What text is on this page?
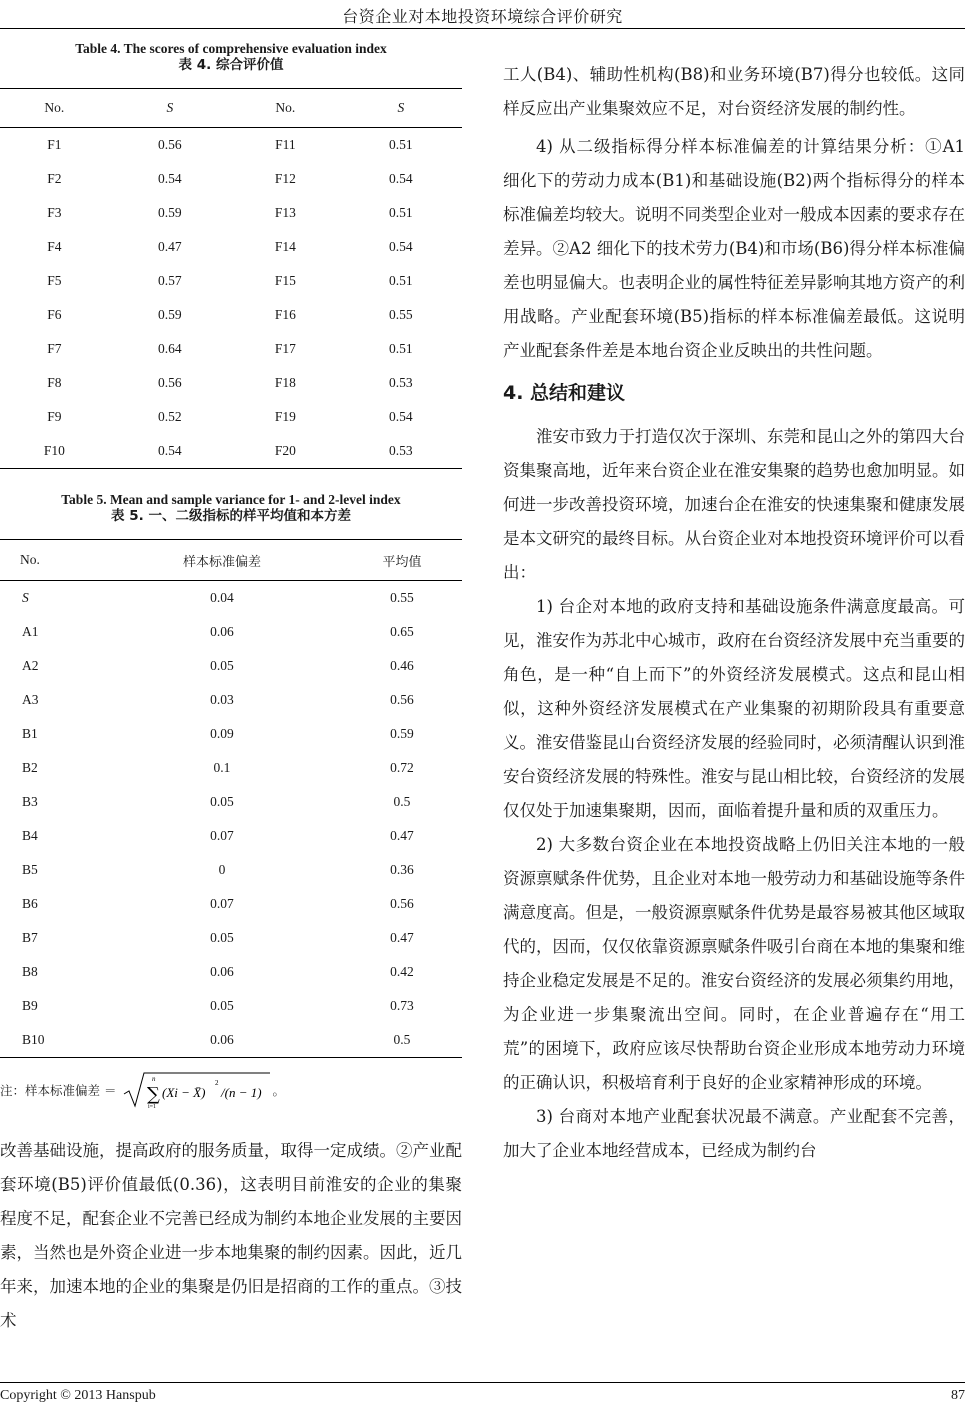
台资企业对本地投资环境综合评价研究
Table 4. The scores of comprehensive evaluation index
表 4. 综合评价值
No.	S	No.	S
F1	0.56	F11	0.51
F2	0.54	F12	0.54
F3	0.59	F13	0.51
F4	0.47	F14	0.54
F5	0.57	F15	0.51
F6	0.59	F16	0.55
F7	0.64	F17	0.51
F8	0.56	F18	0.53
F9	0.52	F19	0.54
F10	0.54	F20	0.53
Table 5. Mean and sample variance for 1- and 2-level index
表 5. 一、二级指标的样平均值和本方差
No.	样本标准偏差	平均值
S	0.04	0.55
A1	0.06	0.65
A2	0.05	0.46
A3	0.03	0.56
B1	0.09	0.59
B2	0.1	0.72
B3	0.05	0.5
B4	0.07	0.47
B5	0	0.36
B6	0.07	0.56
B7	0.05	0.47
B8	0.06	0.42
B9	0.05	0.73
B10	0.06	0.5
注：样本标准偏差 ＝
n
∑
i=1
(Xi − X̄)
2
/(n − 1) 。

改善基础设施，提高政府的服务质量，取得一定成绩。②产业配套环境(B5)评价值最低(0.36)，这表明目前淮安的企业的集聚程度不足，配套企业不完善已经成为制约本地企业发展的主要因素，当然也是外资企业进一步本地集聚的制约因素。因此，近几年来，加速本地的企业的集聚是仍旧是招商的工作的重点。③技术

工人(B4)、辅助性机构(B8)和业务环境(B7)得分也较低。这同样反应出产业集聚效应不足，对台资经济发展的制约性。

4) 从二级指标得分样本标准偏差的计算结果分析：①A1 细化下的劳动力成本(B1)和基础设施(B2)两个指标得分的样本标准偏差均较大。说明不同类型企业对一般成本因素的要求存在差异。②A2 细化下的技术劳力(B4)和市场(B6)得分样本标准偏差也明显偏大。也表明企业的属性特征差异影响其地方资产的利用战略。产业配套环境(B5)指标的样本标准偏差最低。这说明产业配套条件差是本地台资企业反映出的共性问题。

4. 总结和建议

淮安市致力于打造仅次于深圳、东莞和昆山之外的第四大台资集聚高地，近年来台资企业在淮安集聚的趋势也愈加明显。如何进一步改善投资环境，加速台企在淮安的快速集聚和健康发展是本文研究的最终目标。从台资企业对本地投资环境评价可以看出：

1) 台企对本地的政府支持和基础设施条件满意度最高。可见，淮安作为苏北中心城市，政府在台资经济发展中充当重要的角色，是一种“自上而下”的外资经济发展模式。这点和昆山相似，这种外资经济发展模式在产业集聚的初期阶段具有重要意义。淮安借鉴昆山台资经济发展的经验同时，必须清醒认识到淮安台资经济发展的特殊性。淮安与昆山相比较，台资经济的发展仅仅处于加速集聚期，因而，面临着提升量和质的双重压力。

2) 大多数台资企业在本地投资战略上仍旧关注本地的一般资源禀赋条件优势，且企业对本地一般劳动力和基础设施等条件满意度高。但是，一般资源禀赋条件优势是最容易被其他区域取代的，因而，仅仅依靠资源禀赋条件吸引台商在本地的集聚和维持企业稳定发展是不足的。淮安台资经济的发展必须集约用地，为企业进一步集聚流出空间。同时，在企业普遍存在“用工荒”的困境下，政府应该尽快帮助台资企业形成本地劳动力环境的正确认识，积极培育利于良好的企业家精神形成的环境。

3) 台商对本地产业配套状况最不满意。产业配套不完善，加大了企业本地经营成本，已经成为制约台

Copyright © 2013 Hanspub	87
